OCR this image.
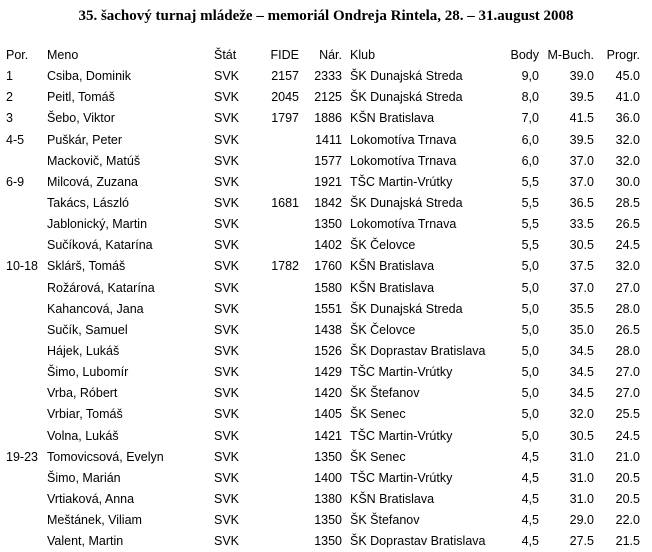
35. šachový turnaj mládeže – memoriál Ondreja Rintela, 28. – 31.august 2008
Por.	Meno	Štát	FIDE	Nár.		Klub	Body	M-Buch.	Progr.
1	Csiba, Dominik	SVK	2157	2333		ŠK Dunajská Streda	9,0	39.0	45.0
2	Peitl, Tomáš	SVK	2045	2125		ŠK Dunajská Streda	8,0	39.5	41.0
3	Šebo, Viktor	SVK	1797	1886		KŠN Bratislava	7,0	41.5	36.0
4-5	Puškár, Peter	SVK		1411		Lokomotíva Trnava	6,0	39.5	32.0
	Mackovič, Matúš	SVK		1577		Lokomotíva Trnava	6,0	37.0	32.0
6-9	Milcová, Zuzana	SVK		1921		TŠC Martin-Vrútky	5,5	37.0	30.0
	Takács, László	SVK	1681	1842		ŠK Dunajská Streda	5,5	36.5	28.5
	Jablonický, Martin	SVK		1350		Lokomotíva Trnava	5,5	33.5	26.5
	Sučíková, Katarína	SVK		1402		ŠK Čelovce	5,5	30.5	24.5
10-18	Sklárš, Tomáš	SVK	1782	1760		KŠN Bratislava	5,0	37.5	32.0
	Rožárová, Katarína	SVK		1580		KŠN Bratislava	5,0	37.0	27.0
	Kahancová, Jana	SVK		1551		ŠK Dunajská Streda	5,0	35.5	28.0
	Sučík, Samuel	SVK		1438		ŠK Čelovce	5,0	35.0	26.5
	Hájek, Lukáš	SVK		1526		ŠK Doprastav Bratislava	5,0	34.5	28.0
	Šimo, Lubomír	SVK		1429		TŠC Martin-Vrútky	5,0	34.5	27.0
	Vrba, Róbert	SVK		1420		ŠK Štefanov	5,0	34.5	27.0
	Vrbiar, Tomáš	SVK		1405		ŠK Senec	5,0	32.0	25.5
	Volna, Lukáš	SVK		1421		TŠC Martin-Vrútky	5,0	30.5	24.5
19-23	Tomovicsová, Evelyn	SVK		1350		ŠK Senec	4,5	31.0	21.0
	Šimo, Marián	SVK		1400		TŠC Martin-Vrútky	4,5	31.0	20.5
	Vrtiaková, Anna	SVK		1380		KŠN Bratislava	4,5	31.0	20.5
	Meštánek, Viliam	SVK		1350		ŠK Štefanov	4,5	29.0	22.0
	Valent, Martin	SVK		1350		ŠK Doprastav Bratislava	4,5	27.5	21.5
